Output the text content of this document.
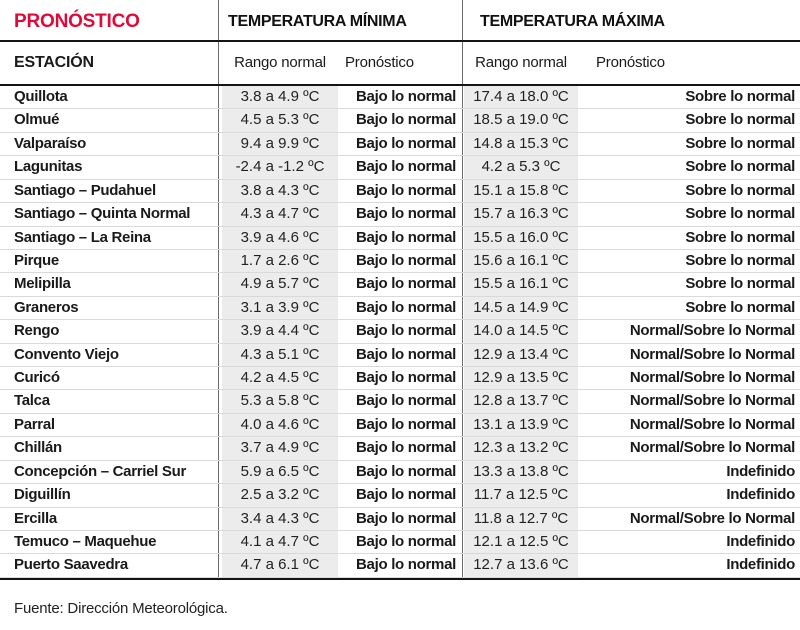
PRONÓSTICO	TEMPERATURA MÍNIMA	TEMPERATURA MÁXIMA
ESTACIÓN	Rango normal	Pronóstico	Rango normal	Pronóstico
Quillota	3.8 a 4.9 ºC	Bajo lo normal	17.4 a 18.0 ºC	Sobre lo normal
Olmué	4.5 a 5.3 ºC	Bajo lo normal	18.5 a 19.0 ºC	Sobre lo normal
Valparaíso	9.4 a 9.9 ºC	Bajo lo normal	14.8 a 15.3 ºC	Sobre lo normal
Lagunitas	-2.4 a -1.2 ºC	Bajo lo normal	4.2 a 5.3 ºC	Sobre lo normal
Santiago – Pudahuel	3.8 a 4.3 ºC	Bajo lo normal	15.1 a 15.8 ºC	Sobre lo normal
Santiago – Quinta Normal	4.3 a 4.7 ºC	Bajo lo normal	15.7 a 16.3 ºC	Sobre lo normal
Santiago – La Reina	3.9 a 4.6 ºC	Bajo lo normal	15.5 a 16.0 ºC	Sobre lo normal
Pirque	1.7 a 2.6 ºC	Bajo lo normal	15.6 a 16.1 ºC	Sobre lo normal
Melipilla	4.9 a 5.7 ºC	Bajo lo normal	15.5 a 16.1 ºC	Sobre lo normal
Graneros	3.1 a 3.9 ºC	Bajo lo normal	14.5 a 14.9 ºC	Sobre lo normal
Rengo	3.9 a 4.4 ºC	Bajo lo normal	14.0 a 14.5 ºC	Normal/Sobre lo Normal
Convento Viejo	4.3 a 5.1 ºC	Bajo lo normal	12.9 a 13.4 ºC	Normal/Sobre lo Normal
Curicó	4.2 a 4.5 ºC	Bajo lo normal	12.9 a 13.5 ºC	Normal/Sobre lo Normal
Talca	5.3 a 5.8 ºC	Bajo lo normal	12.8 a 13.7 ºC	Normal/Sobre lo Normal
Parral	4.0 a 4.6 ºC	Bajo lo normal	13.1 a 13.9 ºC	Normal/Sobre lo Normal
Chillán	3.7 a 4.9 ºC	Bajo lo normal	12.3 a 13.2 ºC	Normal/Sobre lo Normal
Concepción – Carriel Sur	5.9 a 6.5 ºC	Bajo lo normal	13.3 a 13.8 ºC	Indefinido
Diguillín	2.5 a 3.2 ºC	Bajo lo normal	11.7 a 12.5 ºC	Indefinido
Ercilla	3.4 a 4.3 ºC	Bajo lo normal	11.8 a 12.7 ºC	Normal/Sobre lo Normal
Temuco – Maquehue	4.1 a 4.7 ºC	Bajo lo normal	12.1 a 12.5 ºC	Indefinido
Puerto Saavedra	4.7 a 6.1 ºC	Bajo lo normal	12.7 a 13.6 ºC	Indefinido
Fuente: Dirección Meteorológica.
